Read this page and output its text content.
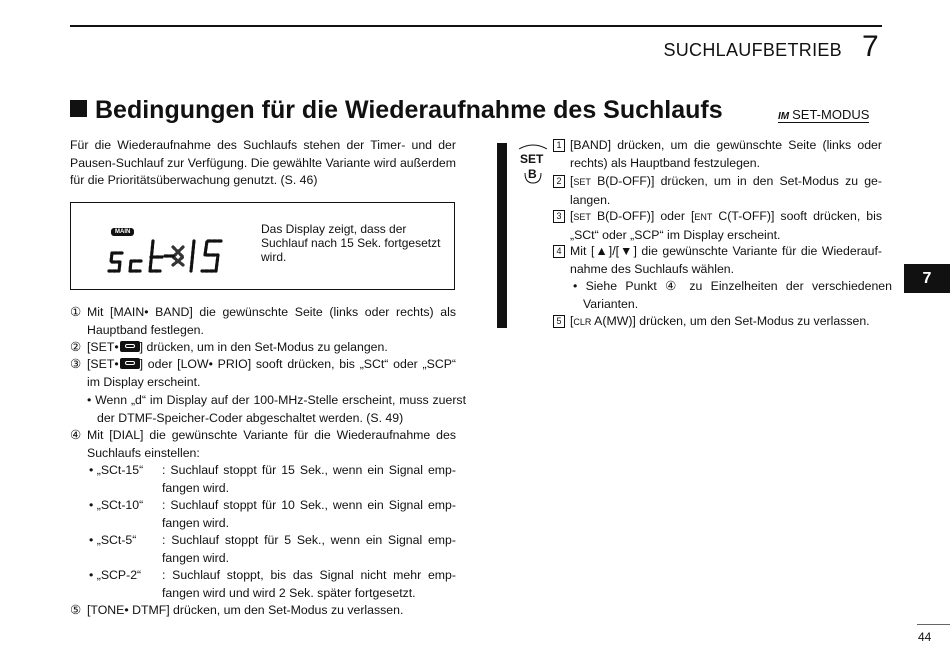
SUCHLAUFBETRIEB 7
Bedingungen für die Wiederaufnahme des Suchlaufs	IM SET-MODUS
Für die Wiederaufnahme des Suchlaufs stehen der Timer- und der Pausen-Suchlauf zur Verfügung. Die gewählte Variante wird außerdem für die Prioritätsüberwachung genutzt. (S. 46)
MAIN	Das Display zeigt, dass der Suchlauf nach 15 Sek. fortgesetzt wird.
① Mit [MAIN• BAND] die gewünschte Seite (links oder rechts) als Hauptband festlegen.
② [SET• ] drücken, um in den Set-Modus zu gelangen.
③ [SET• ] oder [LOW• PRIO] sooft drücken, bis „SCt“ oder „SCP“ im Display erscheint.
• Wenn „d“ im Display auf der 100-MHz-Stelle erscheint, muss zuerst der DTMF-Speicher-Coder abgeschaltet werden. (S. 49)
④ Mit [DIAL] die gewünschte Variante für die Wiederaufnahme des Suchlaufs einstellen:
• „SCt-15“ : Suchlauf stoppt für 15 Sek., wenn ein Signal empfangen wird.
• „SCt-10“ : Suchlauf stoppt für 10 Sek., wenn ein Signal empfangen wird.
• „SCt-5“ : Suchlauf stoppt für 5 Sek., wenn ein Signal empfangen wird.
• „SCP-2“ : Suchlauf stoppt, bis das Signal nicht mehr empfangen wird und wird 2 Sek. später fortgesetzt.
⑤ [TONE• DTMF] drücken, um den Set-Modus zu verlassen.
SET
B
1 [BAND] drücken, um die gewünschte Seite (links oder rechts) als Hauptband festzulegen.
2 [SET B(D-OFF)] drücken, um in den Set-Modus zu gelangen.
3 [SET B(D-OFF)] oder [ENT C(T-OFF)] sooft drücken, bis „SCt“ oder „SCP“ im Display erscheint.
4 Mit [▲]/[▼] die gewünschte Variante für die Wiederaufnahme des Suchlaufs wählen.
• Siehe Punkt ④ zu Einzelheiten der verschiedenen Varianten.
5 [CLR A(MW)] drücken, um den Set-Modus zu verlassen.
7
44
